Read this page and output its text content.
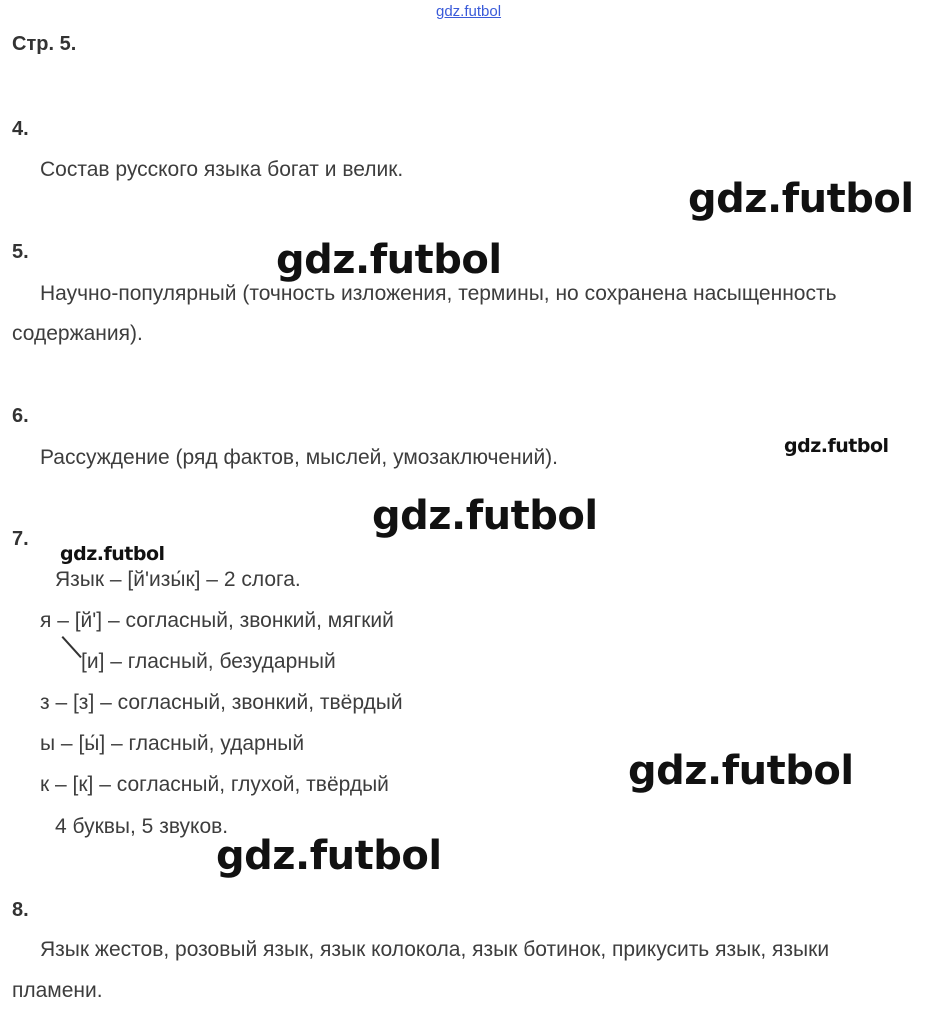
gdz.futbol
Стр. 5.
4.
Состав русского языка богат и велик.
5.
Научно-популярный (точность изложения, термины, но сохранена насыщенность
содержания).
6.
Рассуждение (ряд фактов, мыслей, умозаключений).
7.
Язык – [й'изы́к] – 2 слога.
я – [й'] – согласный, звонкий, мягкий
[и] – гласный, безударный
з – [з] – согласный, звонкий, твёрдый
ы – [ы́] – гласный, ударный
к – [к] – согласный, глухой, твёрдый
4 буквы, 5 звуков.
8.
Язык жестов, розовый язык, язык колокола, язык ботинок, прикусить язык, языки
пламени.
gdz.futbol
gdz.futbol
gdz.futbol
gdz.futbol
gdz.futbol
gdz.futbol
gdz.futbol
